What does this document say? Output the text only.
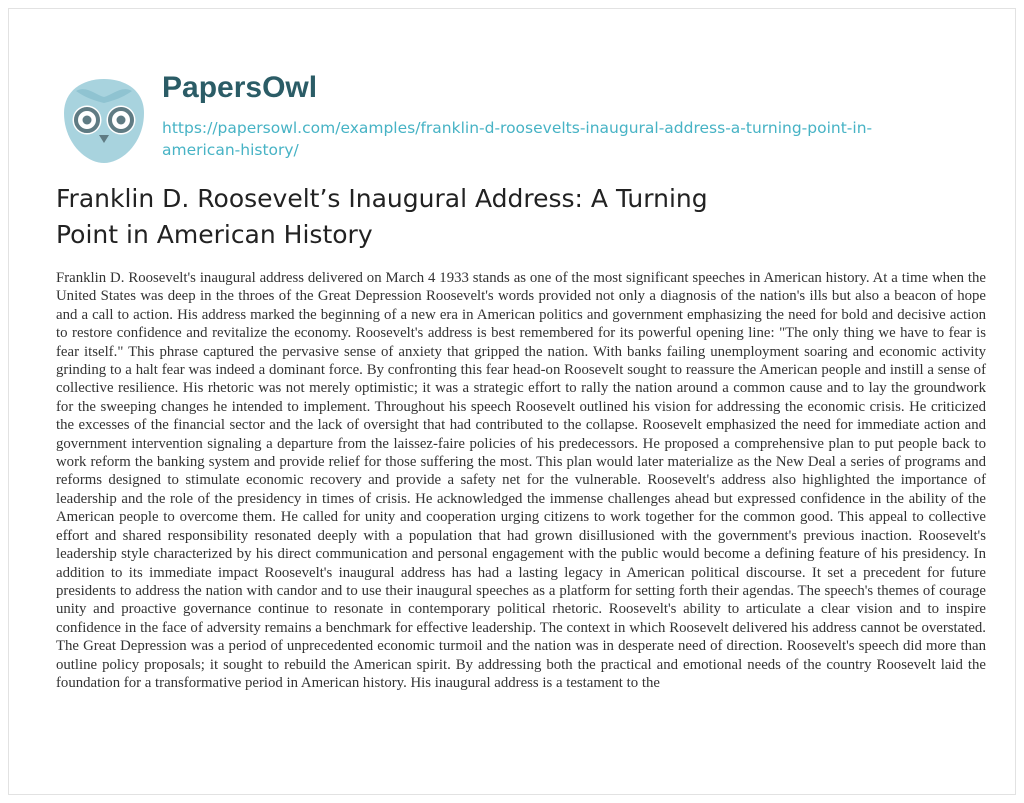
PapersOwl
https://papersowl.com/examples/franklin-d-roosevelts-inaugural-address-a-turning-point-in-
american-history/
Franklin D. Roosevelt’s Inaugural Address: A Turning
Point in American History

Franklin D. Roosevelt's inaugural address delivered on March 4 1933 stands as one of the most significant speeches in American history. At a time when the United States was deep in the throes of the Great Depression Roosevelt's words provided not only a diagnosis of the nation's ills but also a beacon of hope and a call to action. His address marked the beginning of a new era in American politics and government emphasizing the need for bold and decisive action to restore confidence and revitalize the economy. Roosevelt's address is best remembered for its powerful opening line: "The only thing we have to fear is fear itself." This phrase captured the pervasive sense of anxiety that gripped the nation. With banks failing unemployment soaring and economic activity grinding to a halt fear was indeed a dominant force. By confronting this fear head-on Roosevelt sought to reassure the American people and instill a sense of collective resilience. His rhetoric was not merely optimistic; it was a strategic effort to rally the nation around a common cause and to lay the groundwork for the sweeping changes he intended to implement. Throughout his speech Roosevelt outlined his vision for addressing the economic crisis. He criticized the excesses of the financial sector and the lack of oversight that had contributed to the collapse. Roosevelt emphasized the need for immediate action and government intervention signaling a departure from the laissez-faire policies of his predecessors. He proposed a comprehensive plan to put people back to work reform the banking system and provide relief for those suffering the most. This plan would later materialize as the New Deal a series of programs and reforms designed to stimulate economic recovery and provide a safety net for the vulnerable. Roosevelt's address also highlighted the importance of leadership and the role of the presidency in times of crisis. He acknowledged the immense challenges ahead but expressed confidence in the ability of the American people to overcome them. He called for unity and cooperation urging citizens to work together for the common good. This appeal to collective effort and shared responsibility resonated deeply with a population that had grown disillusioned with the government's previous inaction. Roosevelt's leadership style characterized by his direct communication and personal engagement with the public would become a defining feature of his presidency. In addition to its immediate impact Roosevelt's inaugural address has had a lasting legacy in American political discourse. It set a precedent for future presidents to address the nation with candor and to use their inaugural speeches as a platform for setting forth their agendas. The speech's themes of courage unity and proactive governance continue to resonate in contemporary political rhetoric. Roosevelt's ability to articulate a clear vision and to inspire confidence in the face of adversity remains a benchmark for effective leadership. The context in which Roosevelt delivered his address cannot be overstated. The Great Depression was a period of unprecedented economic turmoil and the nation was in desperate need of direction. Roosevelt's speech did more than outline policy proposals; it sought to rebuild the American spirit. By addressing both the practical and emotional needs of the country Roosevelt laid the foundation for a transformative period in American history. His inaugural address is a testament to the
